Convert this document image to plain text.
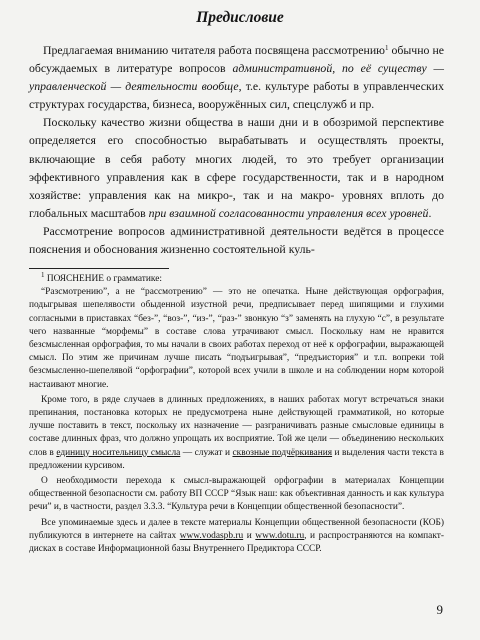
Предисловие

Предлагаемая вниманию читателя работа посвящена рассмотрению$^1$ обычно не обсуждаемых в литературе вопросов административной, по её существу — управленческой — деятельности вообще, т.е. культуре работы в управленческих структурах государства, бизнеса, вооружённых сил, спецслужб и пр.

Поскольку качество жизни общества в наши дни и в обозримой перспективе определяется его способностью вырабатывать и осуществлять проекты, включающие в себя работу многих людей, то это требует организации эффективного управления как в сфере государственности, так и в народном хозяйстве: управления как на микро-, так и на макро- уровнях вплоть до глобальных масштабов при взаимной согласованности управления всех уровней.

Рассмотрение вопросов административной деятельности ведётся в процессе пояснения и обоснования жизненно состоятельной куль-

$^1$ ПОЯСНЕНИЕ о грамматике:

“Разсмотрению”, а не “рассмотрению” — это не опечатка. Ныне действующая орфография, подыгрывая шепелявости обыденной изустной речи, предписывает перед шипящими и глухими согласными в приставках “без-”, “воз-”, “из-”, “раз-” звонкую “з” заменять на глухую “с”, в результате чего названные “морфемы” в составе слова утрачивают смысл. Поскольку нам не нравится безсмысленная орфография, то мы начали в своих работах переход от неё к орфографии, выражающей смысл. По этим же причинам лучше писать “подъигрывая”, “предъистория” и т.п. вопреки той безсмысленно-шепелявой “орфографии”, которой всех учили в школе и на соблюдении норм которой настаивают многие.

Кроме того, в ряде случаев в длинных предложениях, в наших работах могут встречаться знаки препинания, постановка которых не предусмотрена ныне действующей грамматикой, но которые лучше поставить в текст, поскольку их назначение — разграничивать разные смысловые единицы в составе длинных фраз, что должно упрощать их восприятие. Той же цели — объединению нескольких слов в единицу носительницу смысла — служат и сквозные подчёркивания и выделения части текста в предложении курсивом.

О необходимости перехода к смысл-выражающей орфографии в материалах Концепции общественной безопасности см. работу ВП СССР “Язык наш: как объективная данность и как культура речи” и, в частности, раздел 3.3.3. “Культура речи в Концепции общественной безопасности”.

Все упоминаемые здесь и далее в тексте материалы Концепции общественной безопасности (КОБ) публикуются в интернете на сайтах www.vodaspb.ru и www.dotu.ru, и распространяются на компакт-дисках в составе Информационной базы Внутреннего Предиктора СССР.

9
